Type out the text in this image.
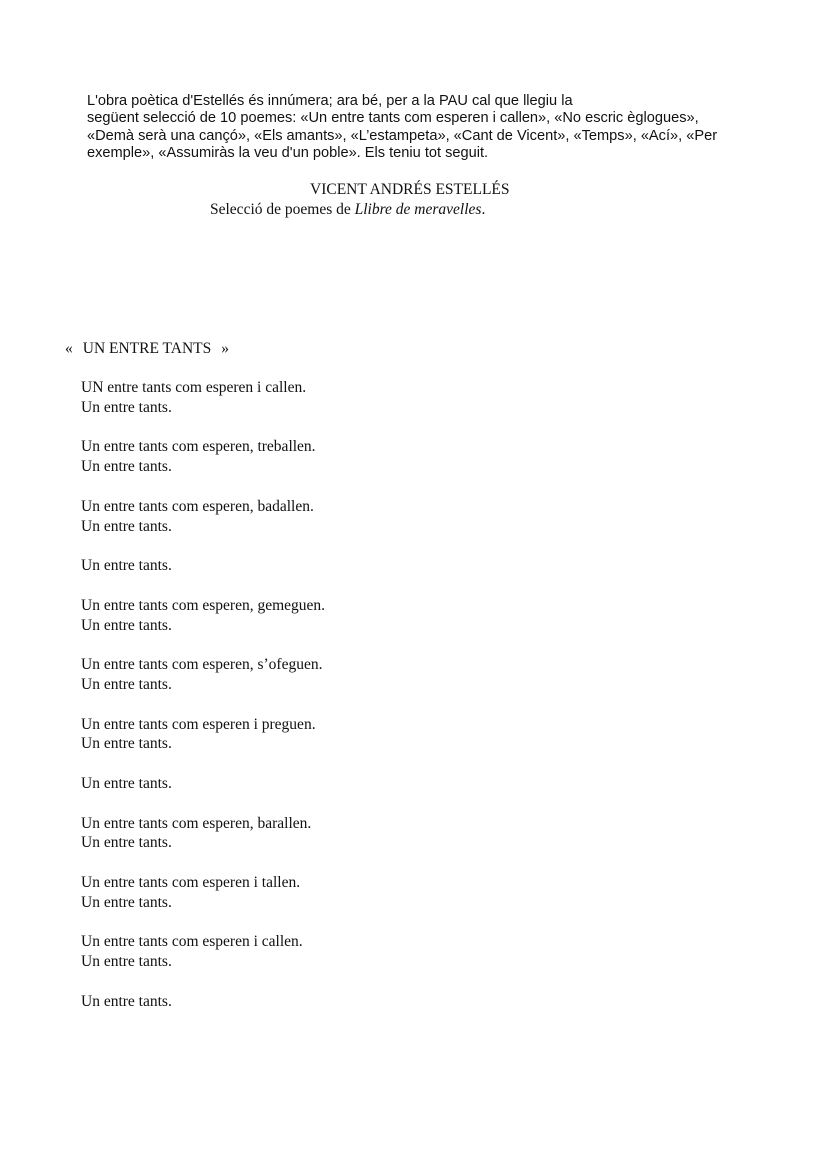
L'obra poètica d'Estellés és innúmera; ara bé, per a la PAU cal que llegiu la
següent selecció de 10 poemes: «Un entre tants com esperen i callen», «No escric èglogues»,
«Demà serà una cançó», «Els amants», «L’estampeta», «Cant de Vicent», «Temps», «Ací», «Per
exemple», «Assumiràs la veu d'un poble». Els teniu tot seguit.
VICENT ANDRÉS ESTELLÉS
Selecció de poemes de Llibre de meravelles.
« UN ENTRE TANTS »
UN entre tants com esperen i callen.
Un entre tants.
Un entre tants com esperen, treballen.
Un entre tants.
Un entre tants com esperen, badallen.
Un entre tants.
Un entre tants.
Un entre tants com esperen, gemeguen.
Un entre tants.
Un entre tants com esperen, s’ofeguen.
Un entre tants.
Un entre tants com esperen i preguen.
Un entre tants.
Un entre tants.
Un entre tants com esperen, barallen.
Un entre tants.
Un entre tants com esperen i tallen.
Un entre tants.
Un entre tants com esperen i callen.
Un entre tants.
Un entre tants.
